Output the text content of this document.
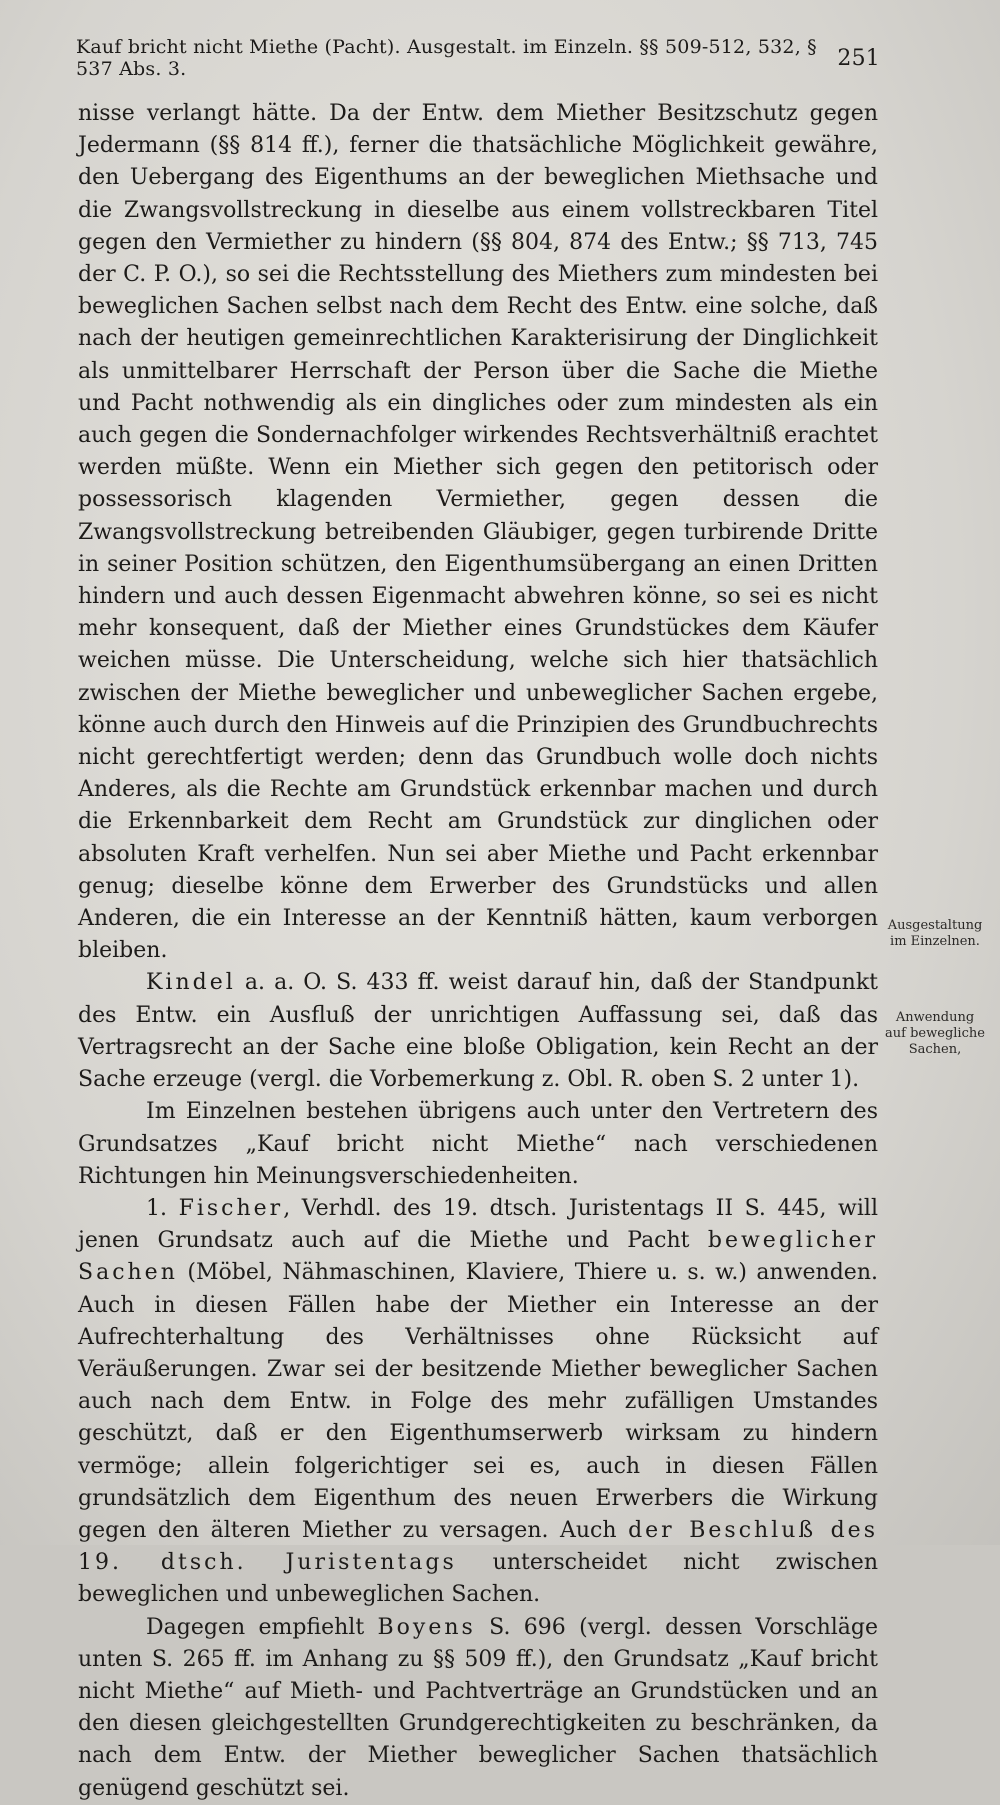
Kauf bricht nicht Miethe (Pacht). Ausgestalt. im Einzeln. §§ 509-512, 532, § 537 Abs. 3.	251

nisse verlangt hätte. Da der Entw. dem Miether Besitzschutz gegen Jedermann (§§ 814 ff.), ferner die thatsächliche Möglichkeit gewähre, den Uebergang des Eigenthums an der beweglichen Miethsache und die Zwangsvollstreckung in dieselbe aus einem vollstreckbaren Titel gegen den Vermiether zu hindern (§§ 804, 874 des Entw.; §§ 713, 745 der C. P. O.), so sei die Rechtsstellung des Miethers zum mindesten bei beweglichen Sachen selbst nach dem Recht des Entw. eine solche, daß nach der heutigen gemeinrechtlichen Karakterisirung der Dinglichkeit als unmittelbarer Herrschaft der Person über die Sache die Miethe und Pacht nothwendig als ein dingliches oder zum mindesten als ein auch gegen die Sondernachfolger wirkendes Rechtsverhältniß erachtet werden müßte. Wenn ein Miether sich gegen den petitorisch oder possessorisch klagenden Vermiether, gegen dessen die Zwangsvollstreckung betreibenden Gläubiger, gegen turbirende Dritte in seiner Position schützen, den Eigenthumsübergang an einen Dritten hindern und auch dessen Eigenmacht abwehren könne, so sei es nicht mehr konsequent, daß der Miether eines Grundstückes dem Käufer weichen müsse. Die Unterscheidung, welche sich hier thatsächlich zwischen der Miethe beweglicher und unbeweglicher Sachen ergebe, könne auch durch den Hinweis auf die Prinzipien des Grundbuchrechts nicht gerechtfertigt werden; denn das Grundbuch wolle doch nichts Anderes, als die Rechte am Grundstück erkennbar machen und durch die Erkennbarkeit dem Recht am Grundstück zur dinglichen oder absoluten Kraft verhelfen. Nun sei aber Miethe und Pacht erkennbar genug; dieselbe könne dem Erwerber des Grundstücks und allen Anderen, die ein Interesse an der Kenntniß hätten, kaum verborgen bleiben.

Kindel a. a. O. S. 433 ff. weist darauf hin, daß der Standpunkt des Entw. ein Ausfluß der unrichtigen Auffassung sei, daß das Vertragsrecht an der Sache eine bloße Obligation, kein Recht an der Sache erzeuge (vergl. die Vorbemerkung z. Obl. R. oben S. 2 unter 1).

Im Einzelnen bestehen übrigens auch unter den Vertretern des Grundsatzes „Kauf bricht nicht Miethe“ nach verschiedenen Richtungen hin Meinungsverschiedenheiten.

1. Fischer, Verhdl. des 19. dtsch. Juristentags II S. 445, will jenen Grundsatz auch auf die Miethe und Pacht beweglicher Sachen (Möbel, Nähmaschinen, Klaviere, Thiere u. s. w.) anwenden. Auch in diesen Fällen habe der Miether ein Interesse an der Aufrechterhaltung des Verhältnisses ohne Rücksicht auf Veräußerungen. Zwar sei der besitzende Miether beweglicher Sachen auch nach dem Entw. in Folge des mehr zufälligen Umstandes geschützt, daß er den Eigenthumserwerb wirksam zu hindern vermöge; allein folgerichtiger sei es, auch in diesen Fällen grundsätzlich dem Eigenthum des neuen Erwerbers die Wirkung gegen den älteren Miether zu versagen. Auch der Beschluß des 19. dtsch. Juristentags unterscheidet nicht zwischen beweglichen und unbeweglichen Sachen.

Dagegen empfiehlt Boyens S. 696 (vergl. dessen Vorschläge unten S. 265 ff. im Anhang zu §§ 509 ff.), den Grundsatz „Kauf bricht nicht Miethe“ auf Mieth- und Pachtverträge an Grundstücken und an den diesen gleichgestellten Grundgerechtigkeiten zu beschränken, da nach dem Entw. der Miether beweglicher Sachen thatsächlich genügend geschützt sei.

Ausgestaltung im Einzelnen.
Anwendung auf bewegliche Sachen,
